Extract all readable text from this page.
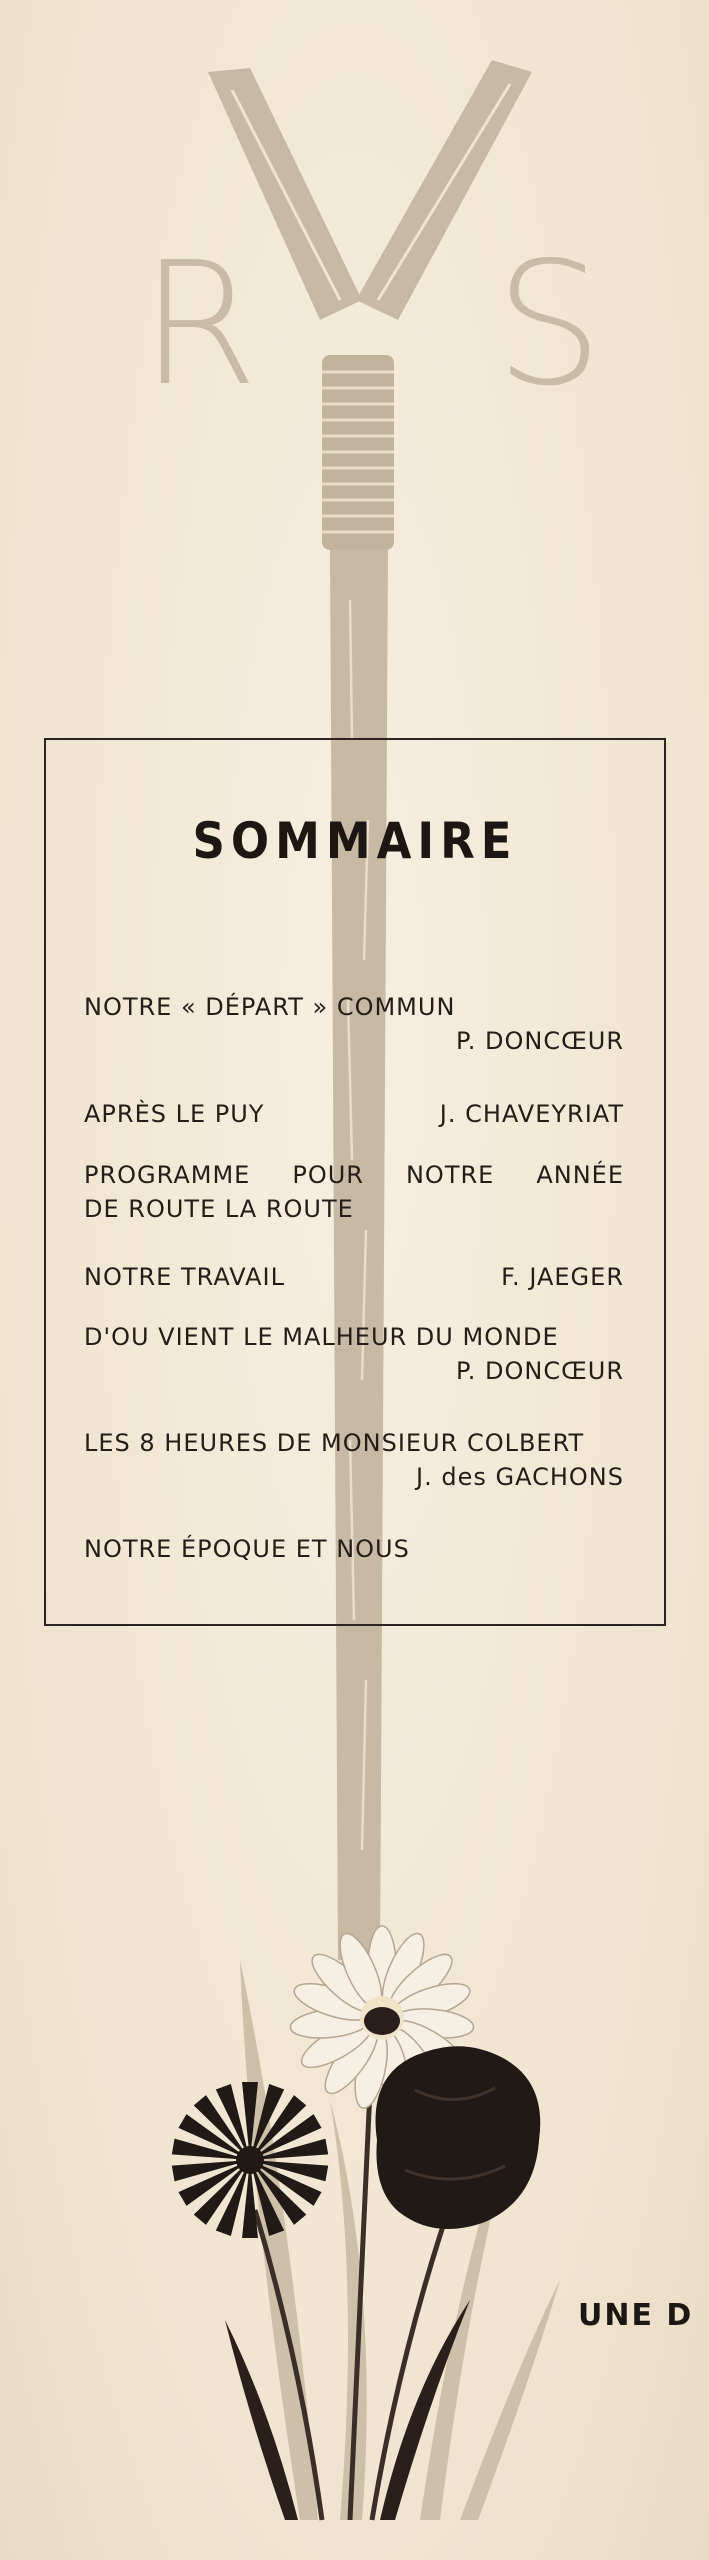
R S

SOMMAIRE
NOTRE « DÉPART » COMMUN
P. DONCŒUR
APRÈS LE PUY	J. CHAVEYRIAT
PROGRAMME POUR NOTRE ANNÉE
DE ROUTE LA ROUTE
NOTRE TRAVAIL	F. JAEGER
D'OU VIENT LE MALHEUR DU MONDE
P. DONCŒUR
LES 8 HEURES DE MONSIEUR COLBERT
J. des GACHONS
NOTRE ÉPOQUE ET NOUS

UNE D
